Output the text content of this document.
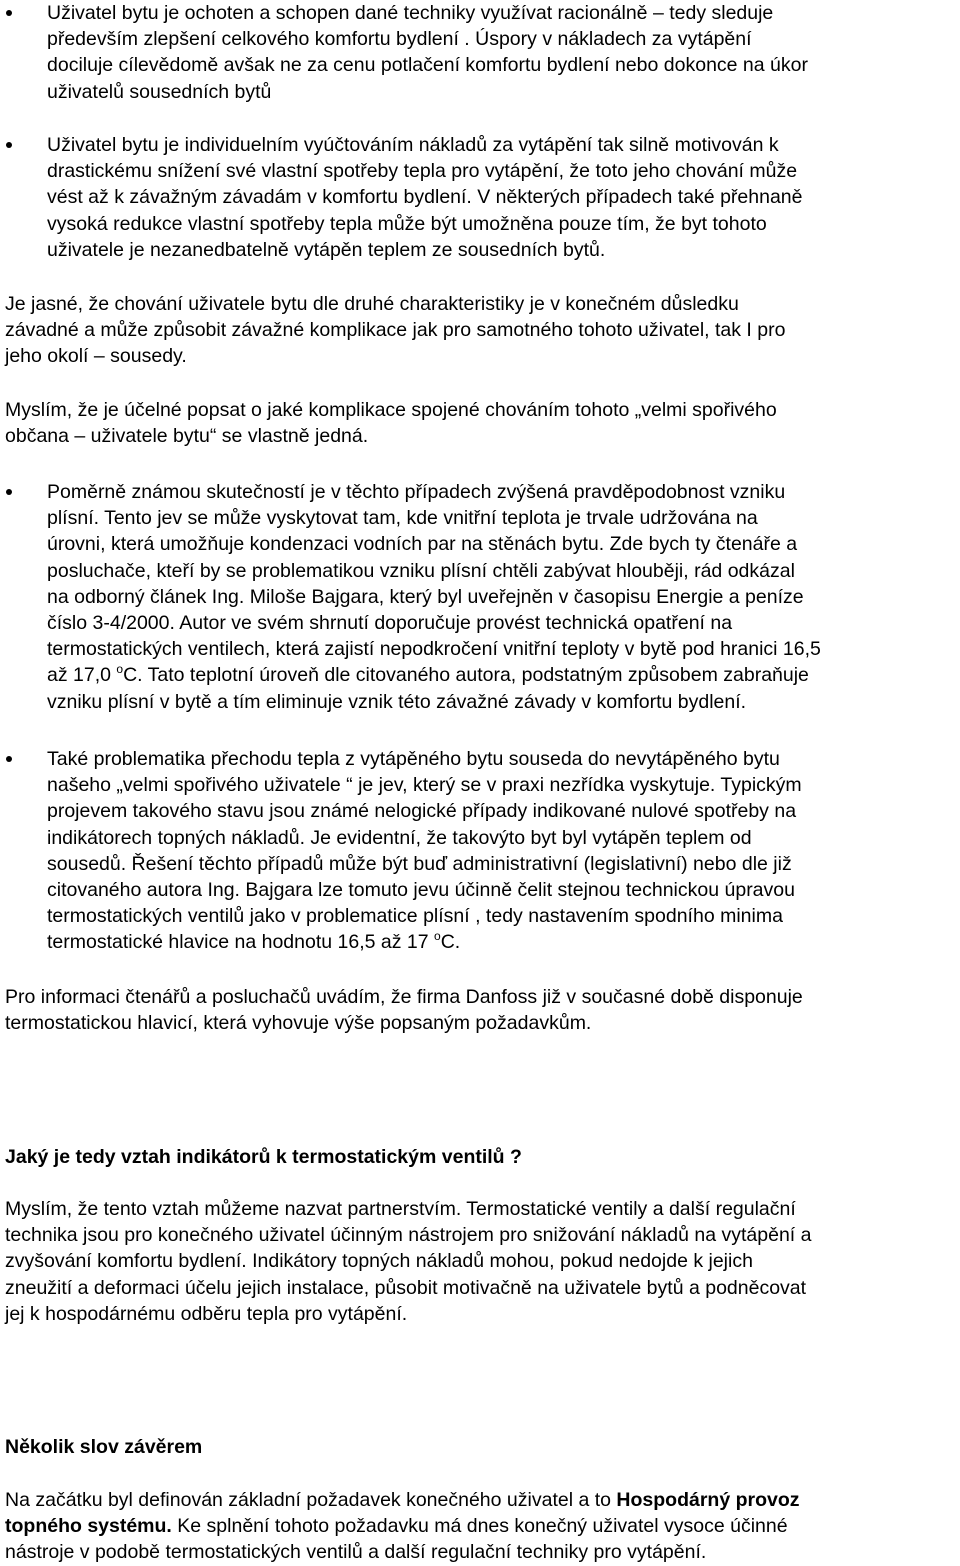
Uživatel bytu je ochoten a schopen dané techniky využívat racionálně – tedy sleduje
především zlepšení celkového komfortu bydlení . Úspory v nákladech za vytápění
dociluje cílevědomě avšak ne za cenu potlačení komfortu bydlení nebo dokonce na úkor
uživatelů sousedních bytů

Uživatel bytu je individuelním vyúčtováním nákladů za vytápění tak silně motivován k
drastickému snížení své vlastní spotřeby tepla pro vytápění, že toto jeho chování může
vést až k závažným závadám v komfortu bydlení. V některých případech také přehnaně
vysoká redukce vlastní spotřeby tepla může být umožněna pouze tím, že byt tohoto
uživatele je nezanedbatelně vytápěn teplem ze sousedních bytů.

Je jasné, že chování uživatele bytu dle druhé charakteristiky je v konečném důsledku
závadné a může způsobit závažné komplikace jak pro samotného tohoto uživatel, tak I pro
jeho okolí – sousedy.

Myslím, že je účelné popsat o jaké komplikace spojené chováním tohoto „velmi spořivého
občana – uživatele bytu“ se vlastně jedná.

Poměrně známou skutečností je v těchto případech zvýšená pravděpodobnost vzniku
plísní. Tento jev se může vyskytovat tam, kde vnitřní teplota je trvale udržována na
úrovni, která umožňuje kondenzaci vodních par na stěnách bytu. Zde bych ty čtenáře a
posluchače, kteří by se problematikou vzniku plísní chtěli zabývat hlouběji, rád odkázal
na odborný článek Ing. Miloše Bajgara, který byl uveřejněn v časopisu Energie a peníze
číslo 3-4/2000. Autor ve svém shrnutí doporučuje provést technická opatření na
termostatických ventilech, která zajistí nepodkročení vnitřní teploty v bytě pod hranici 16,5
až 17,0 $^o$C. Tato teplotní úroveň dle citovaného autora, podstatným způsobem zabraňuje
vzniku plísní v bytě a tím eliminuje vznik této závažné závady v komfortu bydlení.

Také problematika přechodu tepla z vytápěného bytu souseda do nevytápěného bytu
našeho „velmi spořivého uživatele “ je jev, který se v praxi nezřídka vyskytuje. Typickým
projevem takového stavu jsou známé nelogické případy indikované nulové spotřeby na
indikátorech topných nákladů. Je evidentní, že takovýto byt byl vytápěn teplem od
sousedů. Řešení těchto případů může být buď administrativní (legislativní) nebo dle již
citovaného autora Ing. Bajgara lze tomuto jevu účinně čelit stejnou technickou úpravou
termostatických ventilů jako v problematice plísní , tedy nastavením spodního minima
termostatické hlavice na hodnotu 16,5 až 17 $^o$C.

Pro informaci čtenářů a posluchačů uvádím, že firma Danfoss již v současné době disponuje
termostatickou hlavicí, která vyhovuje výše popsaným požadavkům.

Jaký je tedy vztah indikátorů k termostatickým ventilů ?

Myslím, že tento vztah můžeme nazvat partnerstvím. Termostatické ventily a další regulační
technika jsou pro konečného uživatel účinným nástrojem pro snižování nákladů na vytápění a
zvyšování komfortu bydlení. Indikátory topných nákladů mohou, pokud nedojde k jejich
zneužití a deformaci účelu jejich instalace, působit motivačně na uživatele bytů a podněcovat
jej k hospodárnému odběru tepla pro vytápění.

Několik slov závěrem

Na začátku byl definován základní požadavek konečného uživatel a to Hospodárný provoz
topného systému. Ke splnění tohoto požadavku má dnes konečný uživatel vysoce účinné
nástroje v podobě termostatických ventilů a další regulační techniky pro vytápění.
